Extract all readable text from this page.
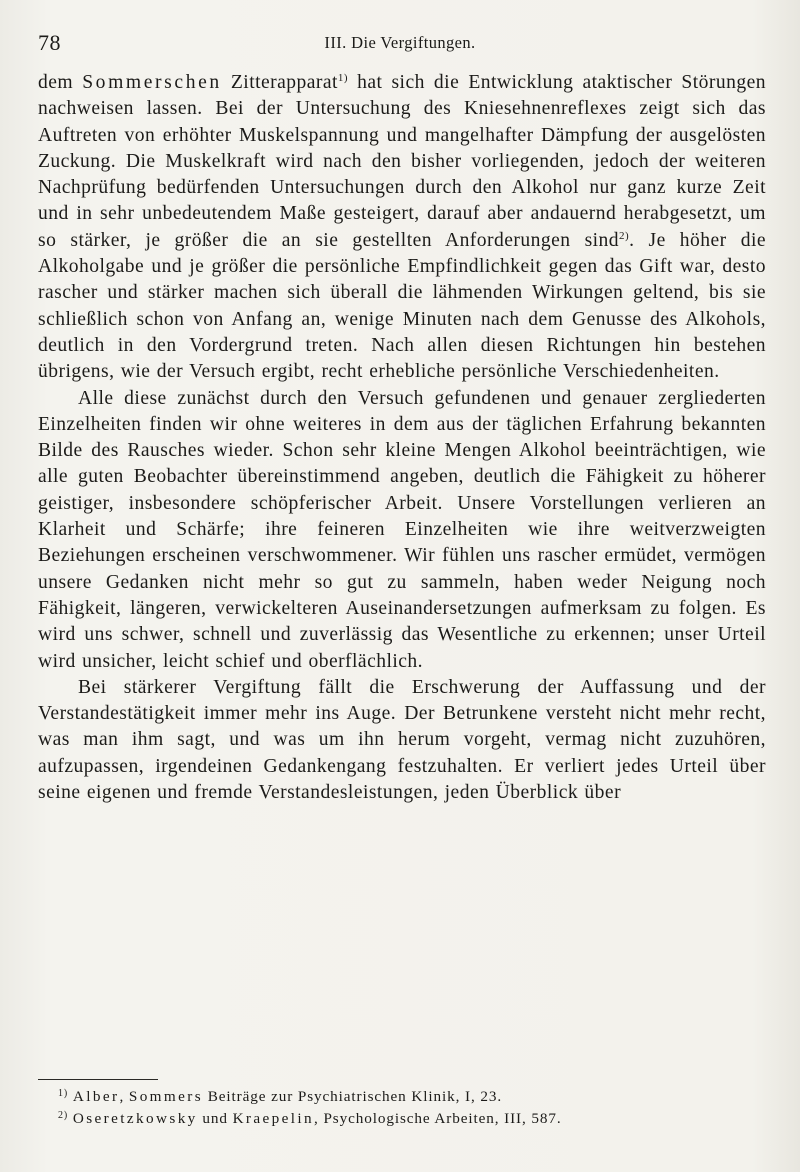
78	III. Die Vergiftungen.

dem Sommerschen Zitterapparat$^{1)}$ hat sich die Entwicklung ataktischer Störungen nachweisen lassen. Bei der Untersuchung des Kniesehnenreflexes zeigt sich das Auftreten von erhöhter Muskelspannung und mangelhafter Dämpfung der ausgelösten Zuckung. Die Muskelkraft wird nach den bisher vorliegenden, jedoch der weiteren Nachprüfung bedürfenden Untersuchungen durch den Alkohol nur ganz kurze Zeit und in sehr unbedeutendem Maße gesteigert, darauf aber andauernd herabgesetzt, um so stärker, je größer die an sie gestellten Anforderungen sind$^{2)}$. Je höher die Alkoholgabe und je größer die persönliche Empfindlichkeit gegen das Gift war, desto rascher und stärker machen sich überall die lähmenden Wirkungen geltend, bis sie schließlich schon von Anfang an, wenige Minuten nach dem Genusse des Alkohols, deutlich in den Vordergrund treten. Nach allen diesen Richtungen hin bestehen übrigens, wie der Versuch ergibt, recht erhebliche persönliche Verschiedenheiten.

Alle diese zunächst durch den Versuch gefundenen und genauer zergliederten Einzelheiten finden wir ohne weiteres in dem aus der täglichen Erfahrung bekannten Bilde des Rausches wieder. Schon sehr kleine Mengen Alkohol beeinträchtigen, wie alle guten Beobachter übereinstimmend angeben, deutlich die Fähigkeit zu höherer geistiger, insbesondere schöpferischer Arbeit. Unsere Vorstellungen verlieren an Klarheit und Schärfe; ihre feineren Einzelheiten wie ihre weitverzweigten Beziehungen erscheinen verschwommener. Wir fühlen uns rascher ermüdet, vermögen unsere Gedanken nicht mehr so gut zu sammeln, haben weder Neigung noch Fähigkeit, längeren, verwickelteren Auseinandersetzungen aufmerksam zu folgen. Es wird uns schwer, schnell und zuverlässig das Wesentliche zu erkennen; unser Urteil wird unsicher, leicht schief und oberflächlich.

Bei stärkerer Vergiftung fällt die Erschwerung der Auffassung und der Verstandestätigkeit immer mehr ins Auge. Der Betrunkene versteht nicht mehr recht, was man ihm sagt, und was um ihn herum vorgeht, vermag nicht zuzuhören, aufzupassen, irgendeinen Gedankengang festzuhalten. Er verliert jedes Urteil über seine eigenen und fremde Verstandesleistungen, jeden Überblick über

$^{1)}$ Alber, Sommers Beiträge zur Psychiatrischen Klinik, I, 23.
$^{2)}$ Oseretzkowsky und Kraepelin, Psychologische Arbeiten, III, 587.
